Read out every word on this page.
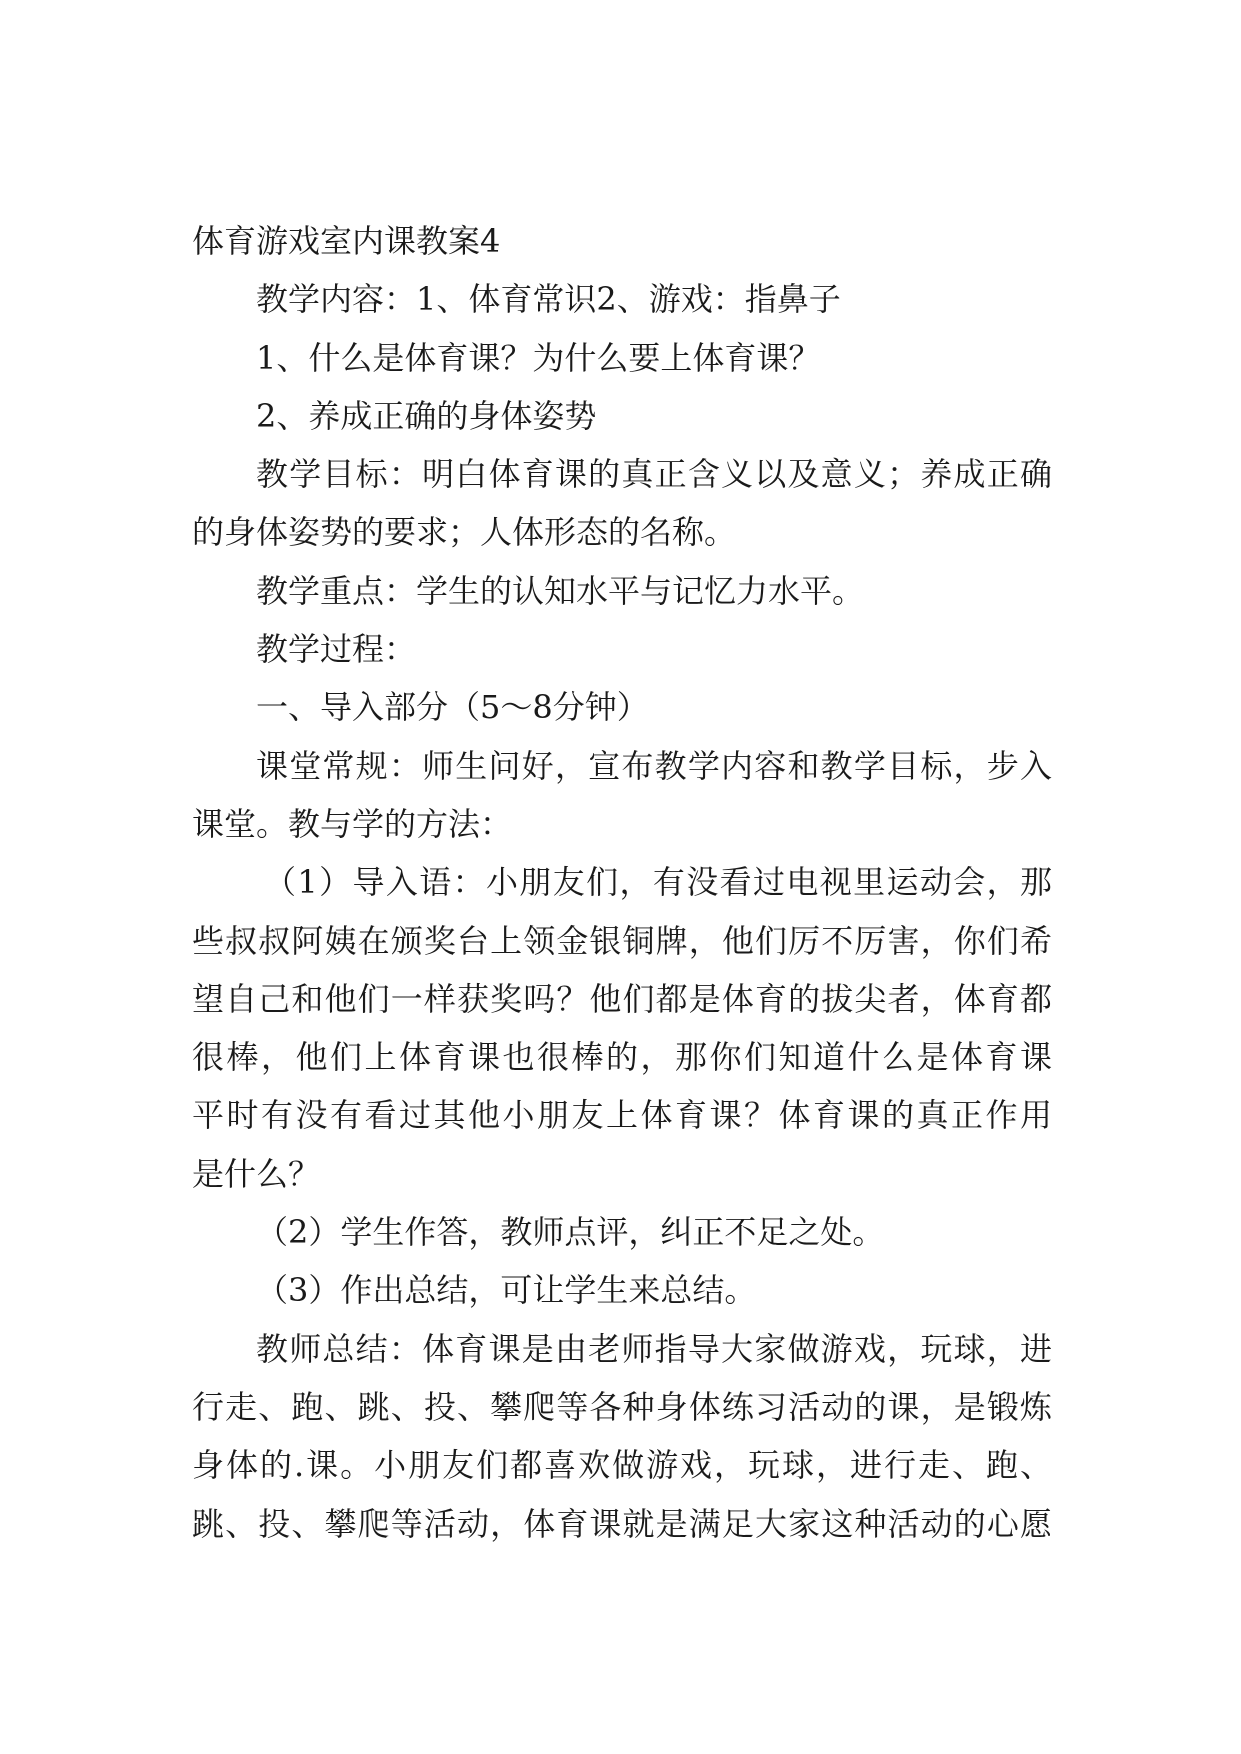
体育游戏室内课教案4

教学内容：1、体育常识2、游戏：指鼻子

1、什么是体育课？为什么要上体育课？

2、养成正确的身体姿势

教学目标：明白体育课的真正含义以及意义；养成正确

的身体姿势的要求；人体形态的名称。

教学重点：学生的认知水平与记忆力水平。

教学过程：

一、导入部分（5～8分钟）

课堂常规：师生问好，宣布教学内容和教学目标，步入

课堂。教与学的方法：

（1）导入语：小朋友们，有没看过电视里运动会，那

些叔叔阿姨在颁奖台上领金银铜牌，他们厉不厉害，你们希

望自己和他们一样获奖吗？他们都是体育的拔尖者，体育都

很棒，他们上体育课也很棒的，那你们知道什么是体育课

平时有没有看过其他小朋友上体育课？体育课的真正作用

是什么？

（2）学生作答，教师点评，纠正不足之处。

（3）作出总结，可让学生来总结。

教师总结：体育课是由老师指导大家做游戏，玩球，进

行走、跑、跳、投、攀爬等各种身体练习活动的课，是锻炼

身体的.课。小朋友们都喜欢做游戏，玩球，进行走、跑、

跳、投、攀爬等活动，体育课就是满足大家这种活动的心愿
